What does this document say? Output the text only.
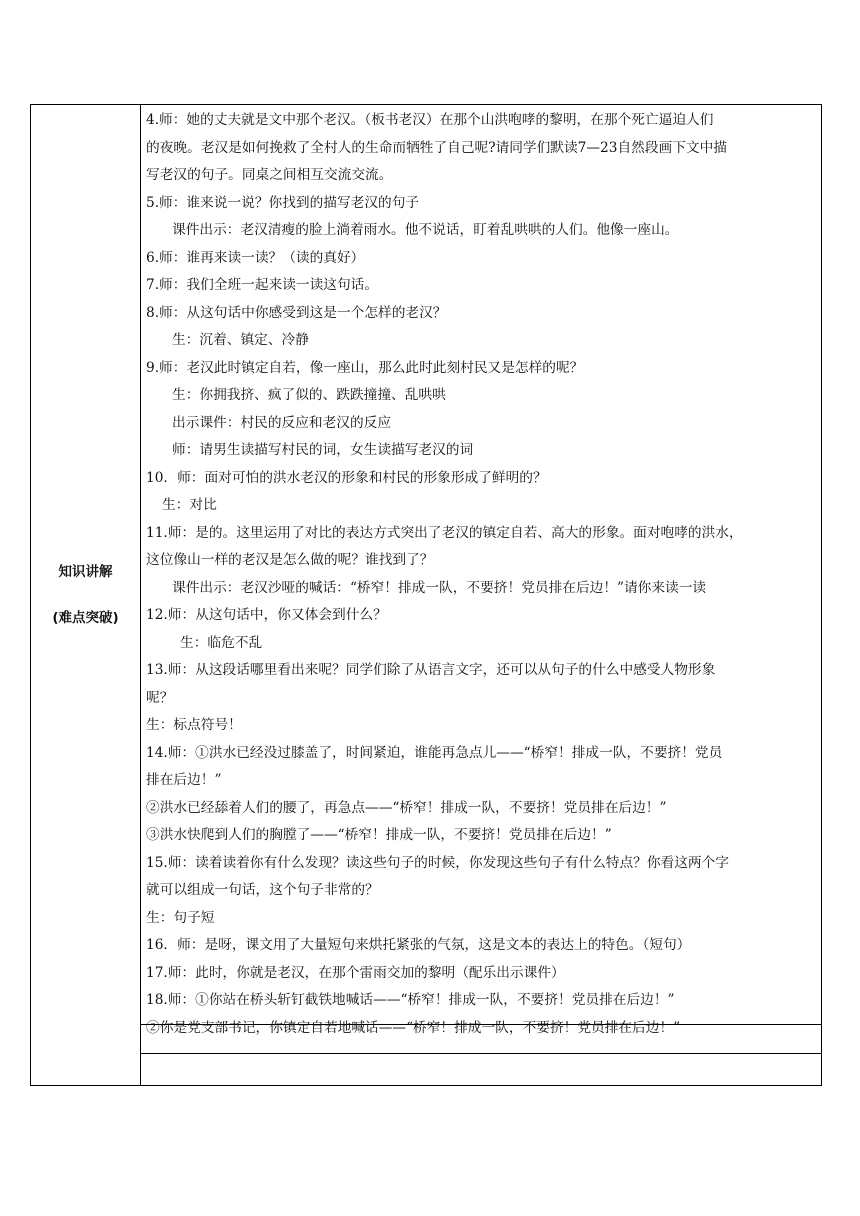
知识讲解
(难点突破)

4.师：她的丈夫就是文中那个老汉。（板书老汉）在那个山洪咆哮的黎明，在那个死亡逼迫人们

的夜晚。老汉是如何挽救了全村人的生命而牺牲了自己呢?请同学们默读7—23自然段画下文中描

写老汉的句子。同桌之间相互交流交流。

5.师：谁来说一说？你找到的描写老汉的句子

课件出示：老汉清瘦的脸上淌着雨水。他不说话，盯着乱哄哄的人们。他像一座山。

6.师：谁再来读一读？（读的真好）

7.师：我们全班一起来读一读这句话。

8.师：从这句话中你感受到这是一个怎样的老汉？

生：沉着、镇定、冷静

9.师：老汉此时镇定自若，像一座山，那么此时此刻村民又是怎样的呢？

生：你拥我挤、疯了似的、跌跌撞撞、乱哄哄

出示课件：村民的反应和老汉的反应

师：请男生读描写村民的词，女生读描写老汉的词

10．师：面对可怕的洪水老汉的形象和村民的形象形成了鲜明的？

生：对比

11.师：是的。这里运用了对比的表达方式突出了老汉的镇定自若、高大的形象。面对咆哮的洪水，

这位像山一样的老汉是怎么做的呢？谁找到了？

课件出示：老汉沙哑的喊话：“桥窄！排成一队，不要挤！党员排在后边！”请你来读一读

12.师：从这句话中，你又体会到什么？

生：临危不乱

13.师：从这段话哪里看出来呢？同学们除了从语言文字，还可以从句子的什么中感受人物形象

呢？

生：标点符号！

14.师：①洪水已经没过膝盖了，时间紧迫，谁能再急点儿——“桥窄！排成一队，不要挤！党员

排在后边！”

②洪水已经舔着人们的腰了，再急点——“桥窄！排成一队，不要挤！党员排在后边！”

③洪水快爬到人们的胸膛了——“桥窄！排成一队，不要挤！党员排在后边！”

15.师：读着读着你有什么发现？读这些句子的时候，你发现这些句子有什么特点？你看这两个字

就可以组成一句话，这个句子非常的？

生：句子短

16．师：是呀，课文用了大量短句来烘托紧张的气氛，这是文本的表达上的特色。（短句）

17.师：此时，你就是老汉，在那个雷雨交加的黎明（配乐出示课件）

18.师：①你站在桥头斩钉截铁地喊话——“桥窄！排成一队，不要挤！党员排在后边！”

②你是党支部书记，你镇定自若地喊话——“桥窄！排成一队，不要挤！党员排在后边！”
